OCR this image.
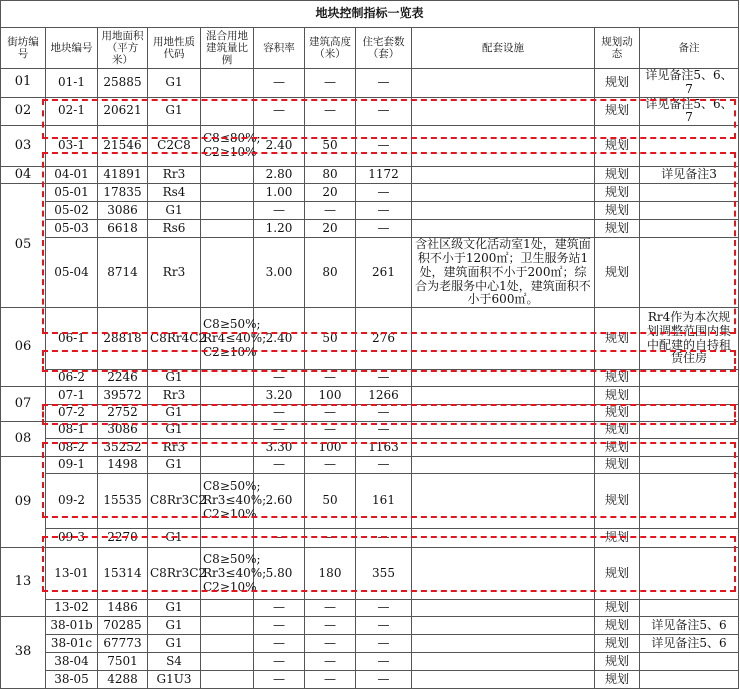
地块控制指标一览表										
街坊编号	地块编号	用地面积（平方米）	用地性质代码	混合用地建筑量比例	容积率	建筑高度（米）	住宅套数（套）	配套设施	规划动态	备注
01	01-1	25885	G1		—	—	—		规划	详见备注5、6、7
02	02-1	20621	G1		—	—	—		规划	详见备注5、6、7
03	03-1	21546	C2C8	C8≤80%;
C2≥10%	2.40	50	—		规划	
04	04-01	41891	Rr3		2.80	80	1172		规划	详见备注3
05	05-01	17835	Rs4		1.00	20	—		规划	
	05-02	3086	G1		—	—	—		规划	
	05-03	6618	Rs6		1.20	20	—		规划	
	05-04	8714	Rr3		3.00	80	261	含社区级文化活动室1处，建筑面积不小于1200㎡；卫生服务站1处，建筑面积不小于200㎡；综合为老服务中心1处，建筑面积不小于600㎡。	规划	
06	06-1	28818	C8Rr4C2	C8≥50%;
Rr4≤40%;
C2≥10%	2.40	50	276		规划	Rr4作为本次规划调整范围内集中配建的自持租赁住房
	06-2	2246	G1		—	—	—		规划	
07	07-1	39572	Rr3		3.20	100	1266		规划	
	07-2	2752	G1		—	—	—		规划	
08	08-1	3086	G1		—	—	—		规划	
	08-2	35252	Rr3		3.30	100	1163		规划	
09	09-1	1498	G1		—	—	—		规划	
	09-2	15535	C8Rr3C2	C8≥50%;
Rr3≤40%;
C2≥10%	2.60	50	161		规划	
	09-3	2270	G1		—	—	—		规划	
13	13-01	15314	C8Rr3C2	C8≥50%;
Rr3≤40%;
C2≥10%	5.80	180	355		规划	
	13-02	1486	G1		—	—	—		规划	
38	38-01b	70285	G1		—	—	—		规划	详见备注5、6
	38-01c	67773	G1		—	—	—		规划	详见备注5、6
	38-04	7501	S4		—	—	—		规划	
	38-05	4288	G1U3		—	—	—		规划	
